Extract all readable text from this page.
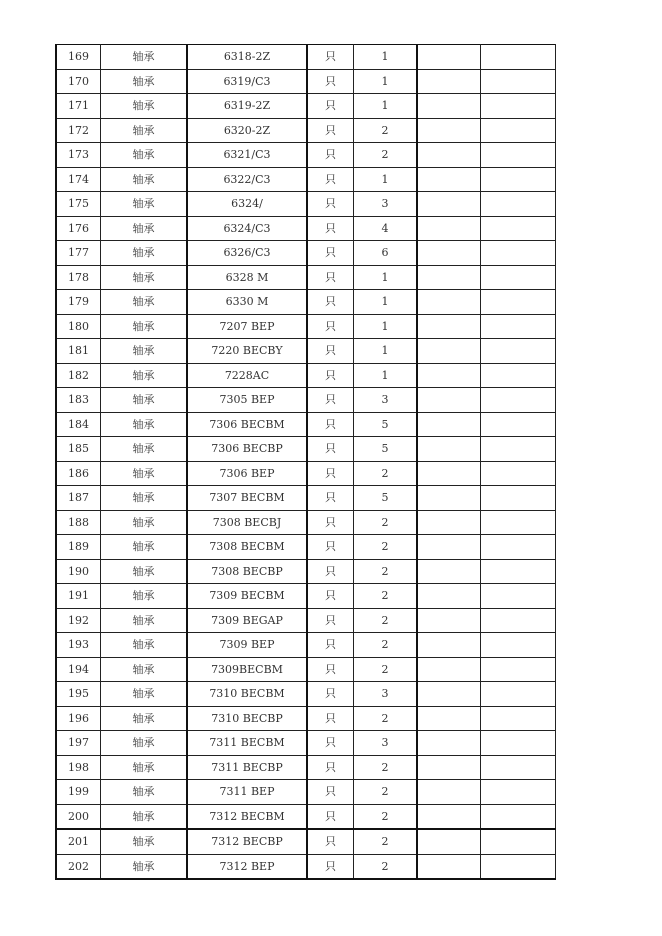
169	轴承	6318-2Z	只	1		
170	轴承	6319/C3	只	1		
171	轴承	6319-2Z	只	1		
172	轴承	6320-2Z	只	2		
173	轴承	6321/C3	只	2		
174	轴承	6322/C3	只	1		
175	轴承	6324/	只	3		
176	轴承	6324/C3	只	4		
177	轴承	6326/C3	只	6		
178	轴承	6328 M	只	1		
179	轴承	6330 M	只	1		
180	轴承	7207 BEP	只	1		
181	轴承	7220 BECBY	只	1		
182	轴承	7228AC	只	1		
183	轴承	7305 BEP	只	3		
184	轴承	7306 BECBM	只	5		
185	轴承	7306 BECBP	只	5		
186	轴承	7306 BEP	只	2		
187	轴承	7307 BECBM	只	5		
188	轴承	7308 BECBJ	只	2		
189	轴承	7308 BECBM	只	2		
190	轴承	7308 BECBP	只	2		
191	轴承	7309 BECBM	只	2		
192	轴承	7309 BEGAP	只	2		
193	轴承	7309 BEP	只	2		
194	轴承	7309BECBM	只	2		
195	轴承	7310 BECBM	只	3		
196	轴承	7310 BECBP	只	2		
197	轴承	7311 BECBM	只	3		
198	轴承	7311 BECBP	只	2		
199	轴承	7311 BEP	只	2		
200	轴承	7312 BECBM	只	2		
201	轴承	7312 BECBP	只	2		
202	轴承	7312 BEP	只	2		
